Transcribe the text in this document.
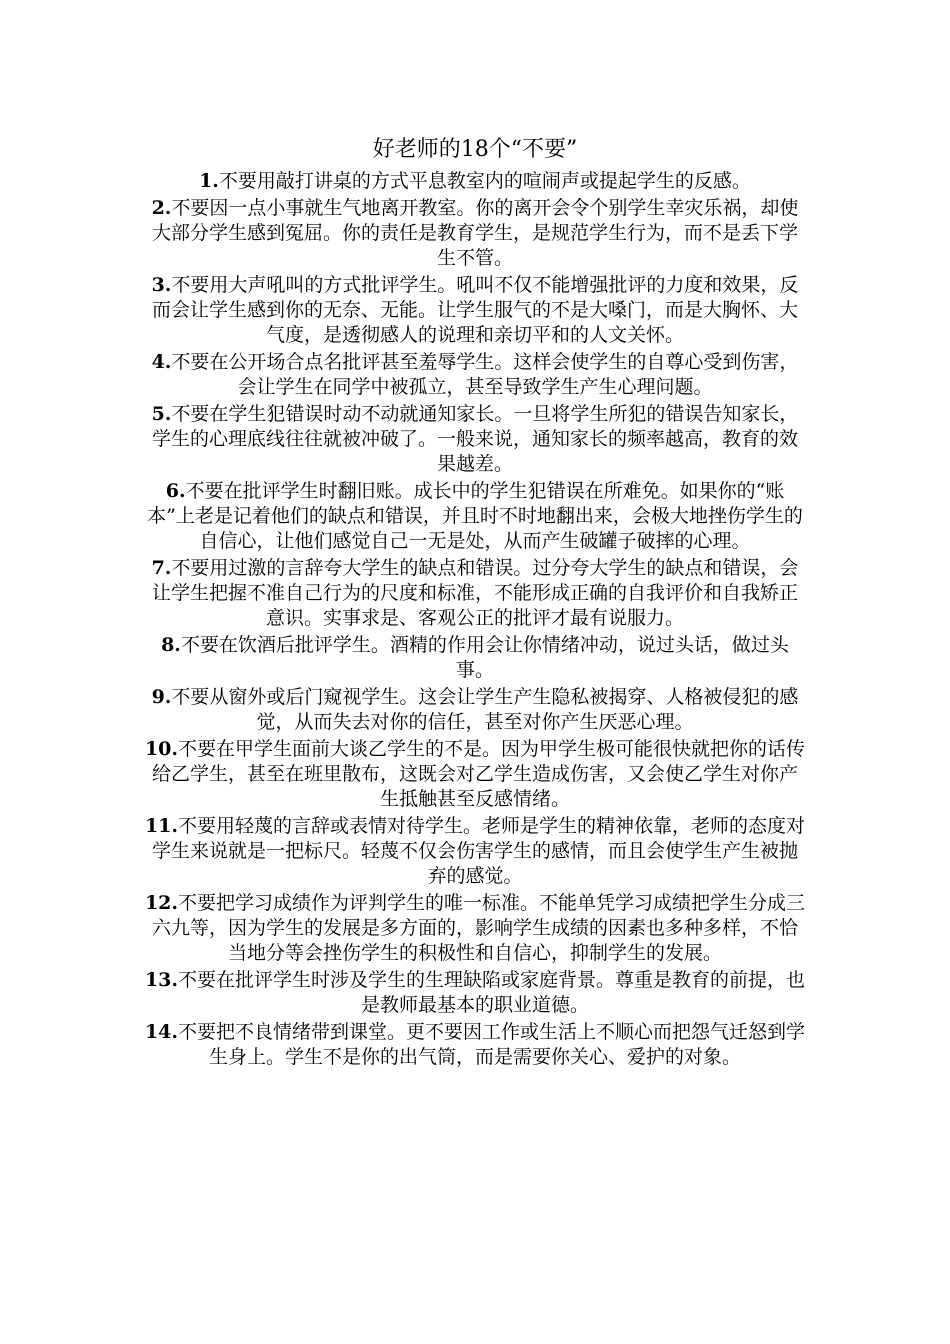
好老师的18个“不要”

1.不要用敲打讲桌的方式平息教室内的喧闹声或提起学生的反感。

2.不要因一点小事就生气地离开教室。你的离开会令个别学生幸灾乐祸，却使大部分学生感到冤屈。你的责任是教育学生，是规范学生行为，而不是丢下学生不管。

3.不要用大声吼叫的方式批评学生。吼叫不仅不能增强批评的力度和效果，反而会让学生感到你的无奈、无能。让学生服气的不是大嗓门，而是大胸怀、大气度，是透彻感人的说理和亲切平和的人文关怀。

4.不要在公开场合点名批评甚至羞辱学生。这样会使学生的自尊心受到伤害，会让学生在同学中被孤立，甚至导致学生产生心理问题。

5.不要在学生犯错误时动不动就通知家长。一旦将学生所犯的错误告知家长，学生的心理底线往往就被冲破了。一般来说，通知家长的频率越高，教育的效果越差。

6.不要在批评学生时翻旧账。成长中的学生犯错误在所难免。如果你的“账本”上老是记着他们的缺点和错误，并且时不时地翻出来，会极大地挫伤学生的自信心，让他们感觉自己一无是处，从而产生破罐子破摔的心理。

7.不要用过激的言辞夸大学生的缺点和错误。过分夸大学生的缺点和错误，会让学生把握不准自己行为的尺度和标准，不能形成正确的自我评价和自我矫正意识。实事求是、客观公正的批评才最有说服力。

8.不要在饮酒后批评学生。酒精的作用会让你情绪冲动，说过头话，做过头事。

9.不要从窗外或后门窥视学生。这会让学生产生隐私被揭穿、人格被侵犯的感觉，从而失去对你的信任，甚至对你产生厌恶心理。

10.不要在甲学生面前大谈乙学生的不是。因为甲学生极可能很快就把你的话传给乙学生，甚至在班里散布，这既会对乙学生造成伤害，又会使乙学生对你产生抵触甚至反感情绪。

11.不要用轻蔑的言辞或表情对待学生。老师是学生的精神依靠，老师的态度对学生来说就是一把标尺。轻蔑不仅会伤害学生的感情，而且会使学生产生被抛弃的感觉。

12.不要把学习成绩作为评判学生的唯一标准。不能单凭学习成绩把学生分成三六九等，因为学生的发展是多方面的，影响学生成绩的因素也多种多样，不恰当地分等会挫伤学生的积极性和自信心，抑制学生的发展。

13.不要在批评学生时涉及学生的生理缺陷或家庭背景。尊重是教育的前提，也是教师最基本的职业道德。

14.不要把不良情绪带到课堂。更不要因工作或生活上不顺心而把怨气迁怒到学生身上。学生不是你的出气筒，而是需要你关心、爱护的对象。
